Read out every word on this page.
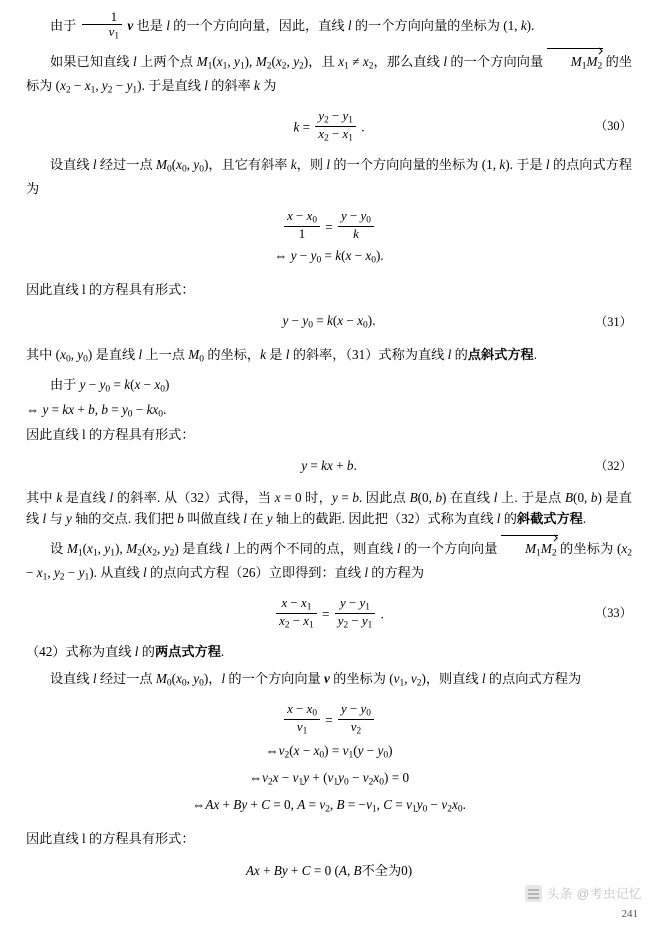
由于 $\frac{1}{v_1}$ ν 也是 l 的一个方向向量，因此，直线 l 的一个方向向量的坐标为 (1, k).

如果已知直线 l 上两个点 $M_1(x_1$, $y_1$), $M_2(x_2$, $y_2$)，且 $x_1 \ne x_2$，那么直线 l 的一个方向向量 $M_1M_2$ 的坐标为 ($x_2 - x_1$, $y_2 - y_1$). 于是直线 l 的斜率 k 为

$k = \frac{y_2 - y_1}{x_2 - x_1}$ .	（30）

设直线 l 经过一点 $M_0(x_0$, $y_0$)，且它有斜率 k，则 l 的一个方向向量的坐标为 (1, k). 于是 l 的点向式方程为

$\frac{x - x_0}{1} = \frac{y - y_0}{k}$
⇔ $y - y_0 = k(x - x_0)$.

因此直线 l 的方程具有形式：

$y - y_0 = k(x - x_0)$.	（31）

其中 ($x_0$, $y_0$) 是直线 l 上一点 $M_0$ 的坐标，k 是 l 的斜率，（31）式称为直线 l 的点斜式方程.

由于 $y - y_0 = k(x - x_0)$

⇔ y = kx + b, $b = y_0 - kx_0$.

因此直线 l 的方程具有形式：

y = kx + b.	（32）

其中 k 是直线 l 的斜率. 从（32）式得，当 x = 0 时，y = b. 因此点 B(0, b) 在直线 l 上. 于是点 B(0, b) 是直线 l 与 y 轴的交点. 我们把 b 叫做直线 l 在 y 轴上的截距. 因此把（32）式称为直线 l 的斜截式方程.

设 $M_1(x_1$, $y_1$), $M_2(x_2$, $y_2$) 是直线 l 上的两个不同的点，则直线 l 的一个方向向量 $M_1M_2$ 的坐标为 ($x_2 - x_1$, $y_2 - y_1$). 从直线 l 的点向式方程（26）立即得到：直线 l 的方程为

$\frac{x - x_1}{x_2 - x_1} = \frac{y - y_1}{y_2 - y_1}$ .	（33）

（42）式称为直线 l 的两点式方程.

设直线 l 经过一点 $M_0(x_0$, $y_0$)，l 的一个方向向量 ν 的坐标为 ($v_1$, $v_2$)，则直线 l 的点向式方程为

$\frac{x - x_0}{v_1} = \frac{y - y_0}{v_2}$
$\Leftrightarrow v_2(x - x_0) = v_1(y - y_0)$
$\Leftrightarrow v_2x - v_1y + (v_1y_0 - v_2x_0) = 0$
⇔Ax + By + C = 0, $A = v_2$, $B = -v_1$, $C = v_1y_0 - v_2x_0$.

因此直线 l 的方程具有形式：

Ax + By + C = 0 (A, B不全为0)
头条 @考虫记忆
241
